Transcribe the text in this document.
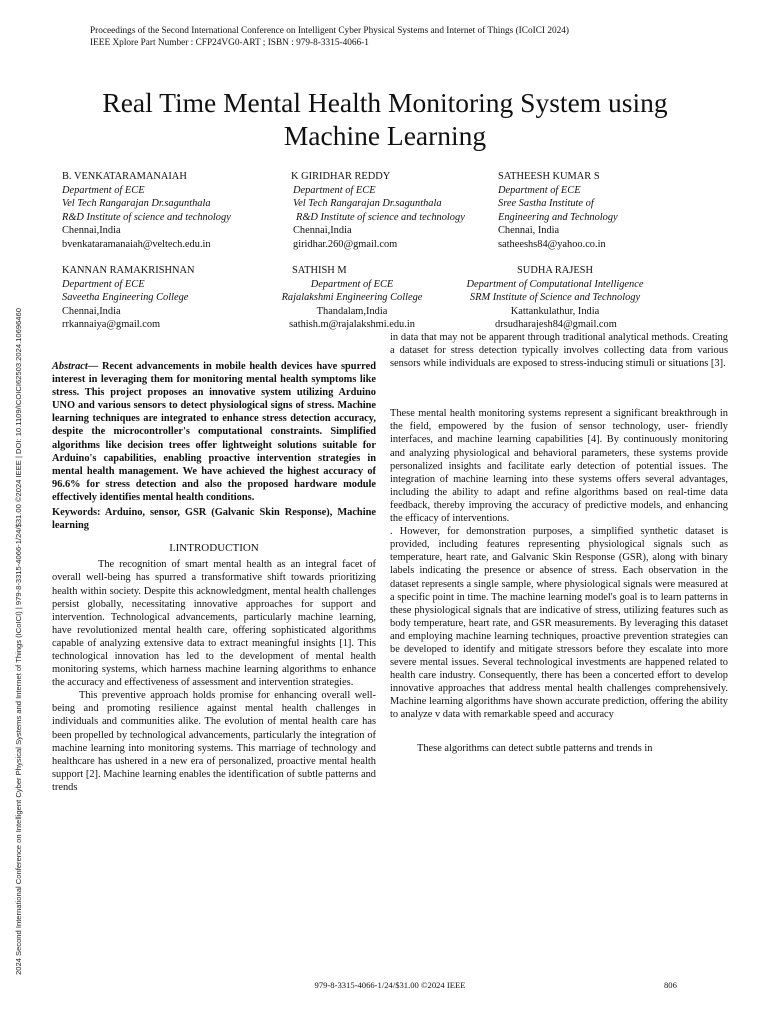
Proceedings of the Second International Conference on Intelligent Cyber Physical Systems and Internet of Things (ICoICI 2024)
IEEE Xplore Part Number : CFP24VG0-ART ; ISBN : 979-8-3315-4066-1
2024 Second International Conference on Intelligent Cyber Physical Systems and Internet of Things (ICoICI) | 979-8-3315-4066-1/24/$31.00 ©2024 IEEE | DOI: 10.1109/ICOICI62503.2024.10696460
Real Time Mental Health Monitoring System using
Machine Learning
B. VENKATARAMANAIAH
Department of ECE
Vel Tech Rangarajan Dr.sagunthala
R&D Institute of science and technology
Chennai,India
bvenkataramanaiah@veltech.edu.in
K GIRIDHAR REDDY
Department of ECE
Vel Tech Rangarajan Dr.sagunthala
R&D Institute of science and technology
Chennai,India
giridhar.260@gmail.com
SATHEESH KUMAR S
Department of ECE
Sree Sastha Institute of
Engineering and Technology
Chennai, India
satheeshs84@yahoo.co.in
KANNAN RAMAKRISHNAN
Department of ECE
Saveetha Engineering College
Chennai,India
rrkannaiya@gmail.com
SATHISH M
Department of ECE
Rajalakshmi Engineering College
Thandalam,India
sathish.m@rajalakshmi.edu.in
SUDHA RAJESH
Department of Computational Intelligence
SRM Institute of Science and Technology
Kattankulathur, India
drsudharajesh84@gmail.com

Abstract— Recent advancements in mobile health devices have spurred interest in leveraging them for monitoring mental health symptoms like stress. This project proposes an innovative system utilizing Arduino UNO and various sensors to detect physiological signs of stress. Machine learning techniques are integrated to enhance stress detection accuracy, despite the microcontroller's computational constraints. Simplified algorithms like decision trees offer lightweight solutions suitable for Arduino's capabilities, enabling proactive intervention strategies in mental health management. We have achieved the highest accuracy of 96.6% for stress detection and also the proposed hardware module effectively identifies mental health conditions.

Keywords: Arduino, sensor, GSR (Galvanic Skin Response), Machine learning

I.INTRODUCTION

The recognition of smart mental health as an integral facet of overall well-being has spurred a transformative shift towards prioritizing health within society. Despite this acknowledgment, mental health challenges persist globally, necessitating innovative approaches for support and intervention. Technological advancements, particularly machine learning, have revolutionized mental health care, offering sophisticated algorithms capable of analyzing extensive data to extract meaningful insights [1]. This technological innovation has led to the development of mental health monitoring systems, which harness machine learning algorithms to enhance the accuracy and effectiveness of assessment and intervention strategies.

This preventive approach holds promise for enhancing overall well-being and promoting resilience against mental health challenges in individuals and communities alike. The evolution of mental health care has been propelled by technological advancements, particularly the integration of machine learning into monitoring systems. This marriage of technology and healthcare has ushered in a new era of personalized, proactive mental health support [2]. Machine learning enables the identification of subtle patterns and trends

in data that may not be apparent through traditional analytical methods. Creating a dataset for stress detection typically involves collecting data from various sensors while individuals are exposed to stress-inducing stimuli or situations [3].

These mental health monitoring systems represent a significant breakthrough in the field, empowered by the fusion of sensor technology, user- friendly interfaces, and machine learning capabilities [4]. By continuously monitoring and analyzing physiological and behavioral parameters, these systems provide personalized insights and facilitate early detection of potential issues. The integration of machine learning into these systems offers several advantages, including the ability to adapt and refine algorithms based on real-time data feedback, thereby improving the accuracy of predictive models, and enhancing the efficacy of interventions.

. However, for demonstration purposes, a simplified synthetic dataset is provided, including features representing physiological signals such as temperature, heart rate, and Galvanic Skin Response (GSR), along with binary labels indicating the presence or absence of stress. Each observation in the dataset represents a single sample, where physiological signals were measured at a specific point in time. The machine learning model's goal is to learn patterns in these physiological signals that are indicative of stress, utilizing features such as body temperature, heart rate, and GSR measurements. By leveraging this dataset and employing machine learning techniques, proactive prevention strategies can be developed to identify and mitigate stressors before they escalate into more severe mental issues. Several technological investments are happened related to health care industry. Consequently, there has been a concerted effort to develop innovative approaches that address mental health challenges comprehensively. Machine learning algorithms have shown accurate prediction, offering the ability to analyze v data with remarkable speed and accuracy

These algorithms can detect subtle patterns and trends in

979-8-3315-4066-1/24/$31.00 ©2024 IEEE	806
